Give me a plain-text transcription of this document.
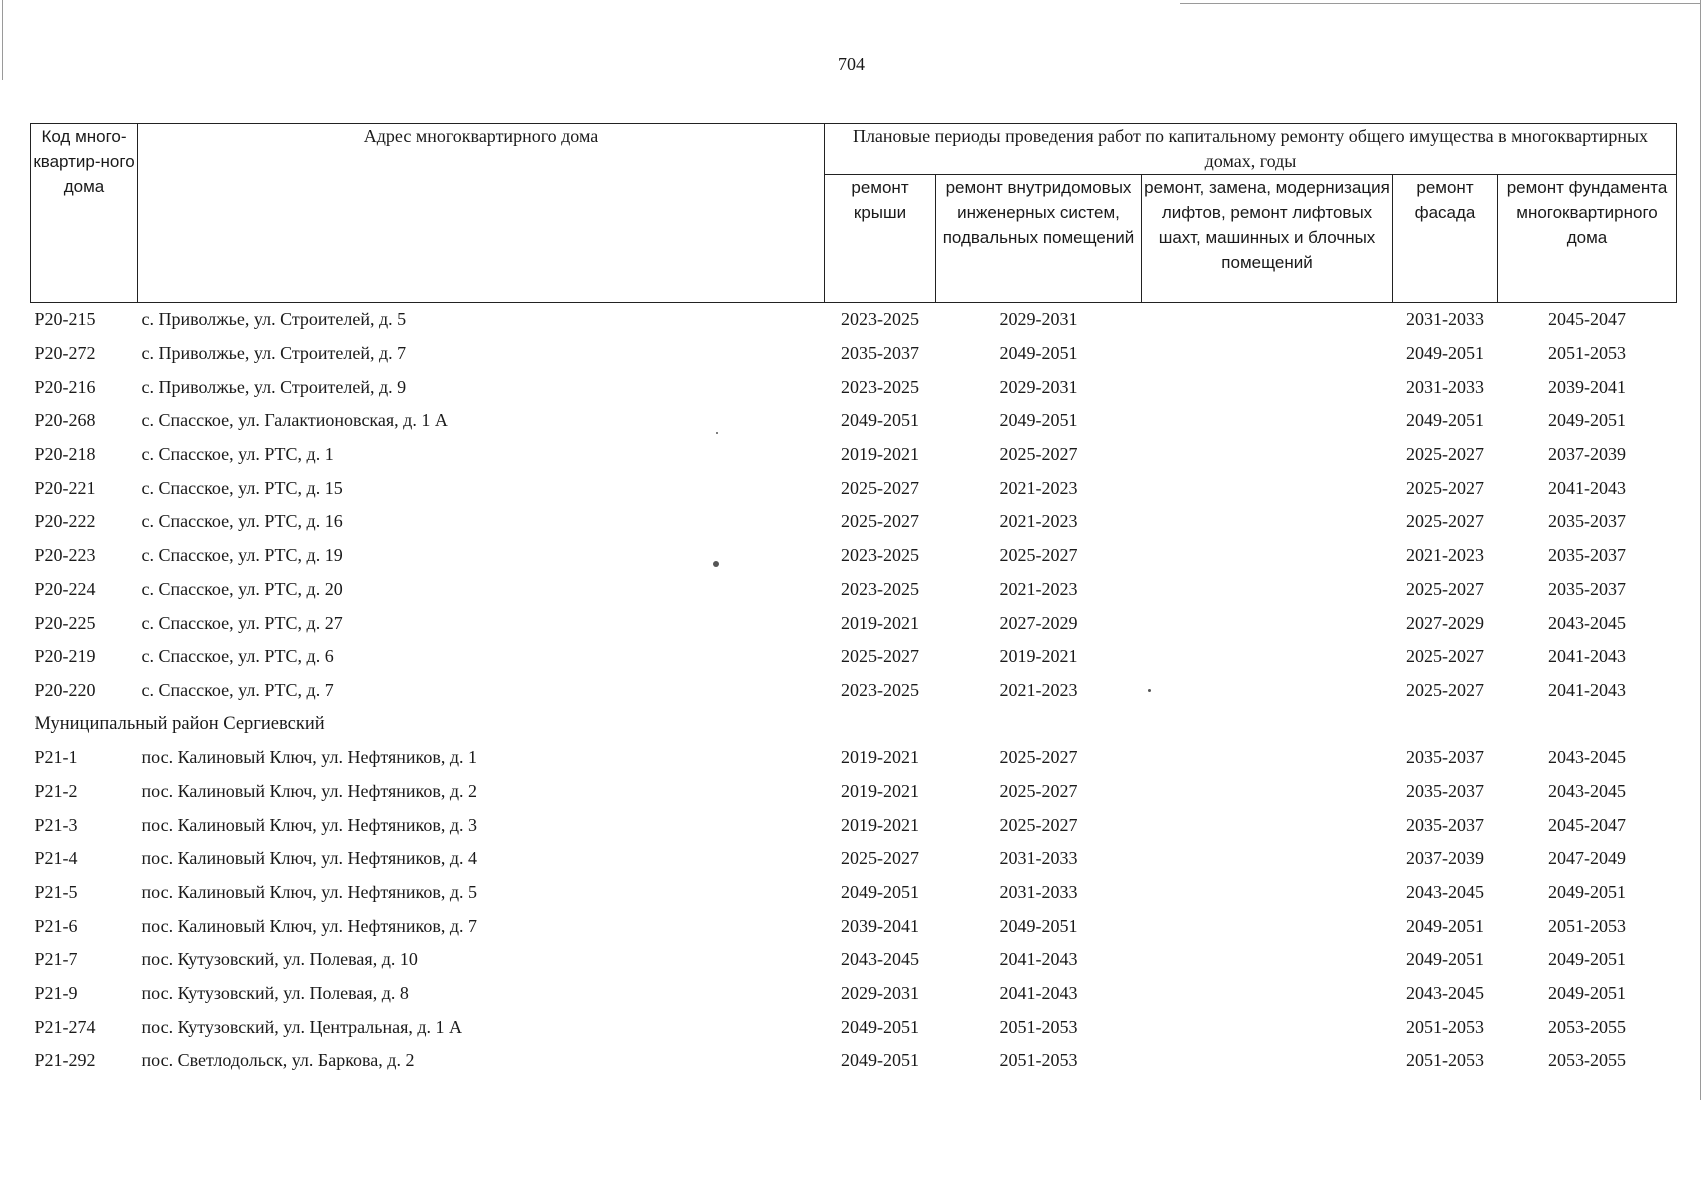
704
Код много-квартир-ного дома	Адрес многоквартирного дома	Плановые периоды проведения работ по капитальному ремонту общего имущества в многоквартирных домах, годы				
		ремонт крыши	ремонт внутридомовых инженерных систем, подвальных помещений	ремонт, замена, модернизация лифтов, ремонт лифтовых шахт, машинных и блочных помещений	ремонт фасада	ремонт фундамента многоквартирного дома
P20-215	с. Приволжье, ул. Строителей, д. 5	2023-2025	2029-2031		2031-2033	2045-2047
P20-272	с. Приволжье, ул. Строителей, д. 7	2035-2037	2049-2051		2049-2051	2051-2053
P20-216	с. Приволжье, ул. Строителей, д. 9	2023-2025	2029-2031		2031-2033	2039-2041
P20-268	с. Спасское, ул. Галактионовская, д. 1 А	2049-2051	2049-2051		2049-2051	2049-2051
P20-218	с. Спасское, ул. РТС, д. 1	2019-2021	2025-2027		2025-2027	2037-2039
P20-221	с. Спасское, ул. РТС, д. 15	2025-2027	2021-2023		2025-2027	2041-2043
P20-222	с. Спасское, ул. РТС, д. 16	2025-2027	2021-2023		2025-2027	2035-2037
P20-223	с. Спасское, ул. РТС, д. 19	2023-2025	2025-2027		2021-2023	2035-2037
P20-224	с. Спасское, ул. РТС, д. 20	2023-2025	2021-2023		2025-2027	2035-2037
P20-225	с. Спасское, ул. РТС, д. 27	2019-2021	2027-2029		2027-2029	2043-2045
P20-219	с. Спасское, ул. РТС, д. 6	2025-2027	2019-2021		2025-2027	2041-2043
P20-220	с. Спасское, ул. РТС, д. 7	2023-2025	2021-2023		2025-2027	2041-2043
Муниципальный район Сергиевский						
P21-1	пос. Калиновый Ключ, ул. Нефтяников, д. 1	2019-2021	2025-2027		2035-2037	2043-2045
P21-2	пос. Калиновый Ключ, ул. Нефтяников, д. 2	2019-2021	2025-2027		2035-2037	2043-2045
P21-3	пос. Калиновый Ключ, ул. Нефтяников, д. 3	2019-2021	2025-2027		2035-2037	2045-2047
P21-4	пос. Калиновый Ключ, ул. Нефтяников, д. 4	2025-2027	2031-2033		2037-2039	2047-2049
P21-5	пос. Калиновый Ключ, ул. Нефтяников, д. 5	2049-2051	2031-2033		2043-2045	2049-2051
P21-6	пос. Калиновый Ключ, ул. Нефтяников, д. 7	2039-2041	2049-2051		2049-2051	2051-2053
P21-7	пос. Кутузовский, ул. Полевая, д. 10	2043-2045	2041-2043		2049-2051	2049-2051
P21-9	пос. Кутузовский, ул. Полевая, д. 8	2029-2031	2041-2043		2043-2045	2049-2051
P21-274	пос. Кутузовский, ул. Центральная, д. 1 А	2049-2051	2051-2053		2051-2053	2053-2055
P21-292	пос. Светлодольск, ул. Баркова, д. 2	2049-2051	2051-2053		2051-2053	2053-2055
